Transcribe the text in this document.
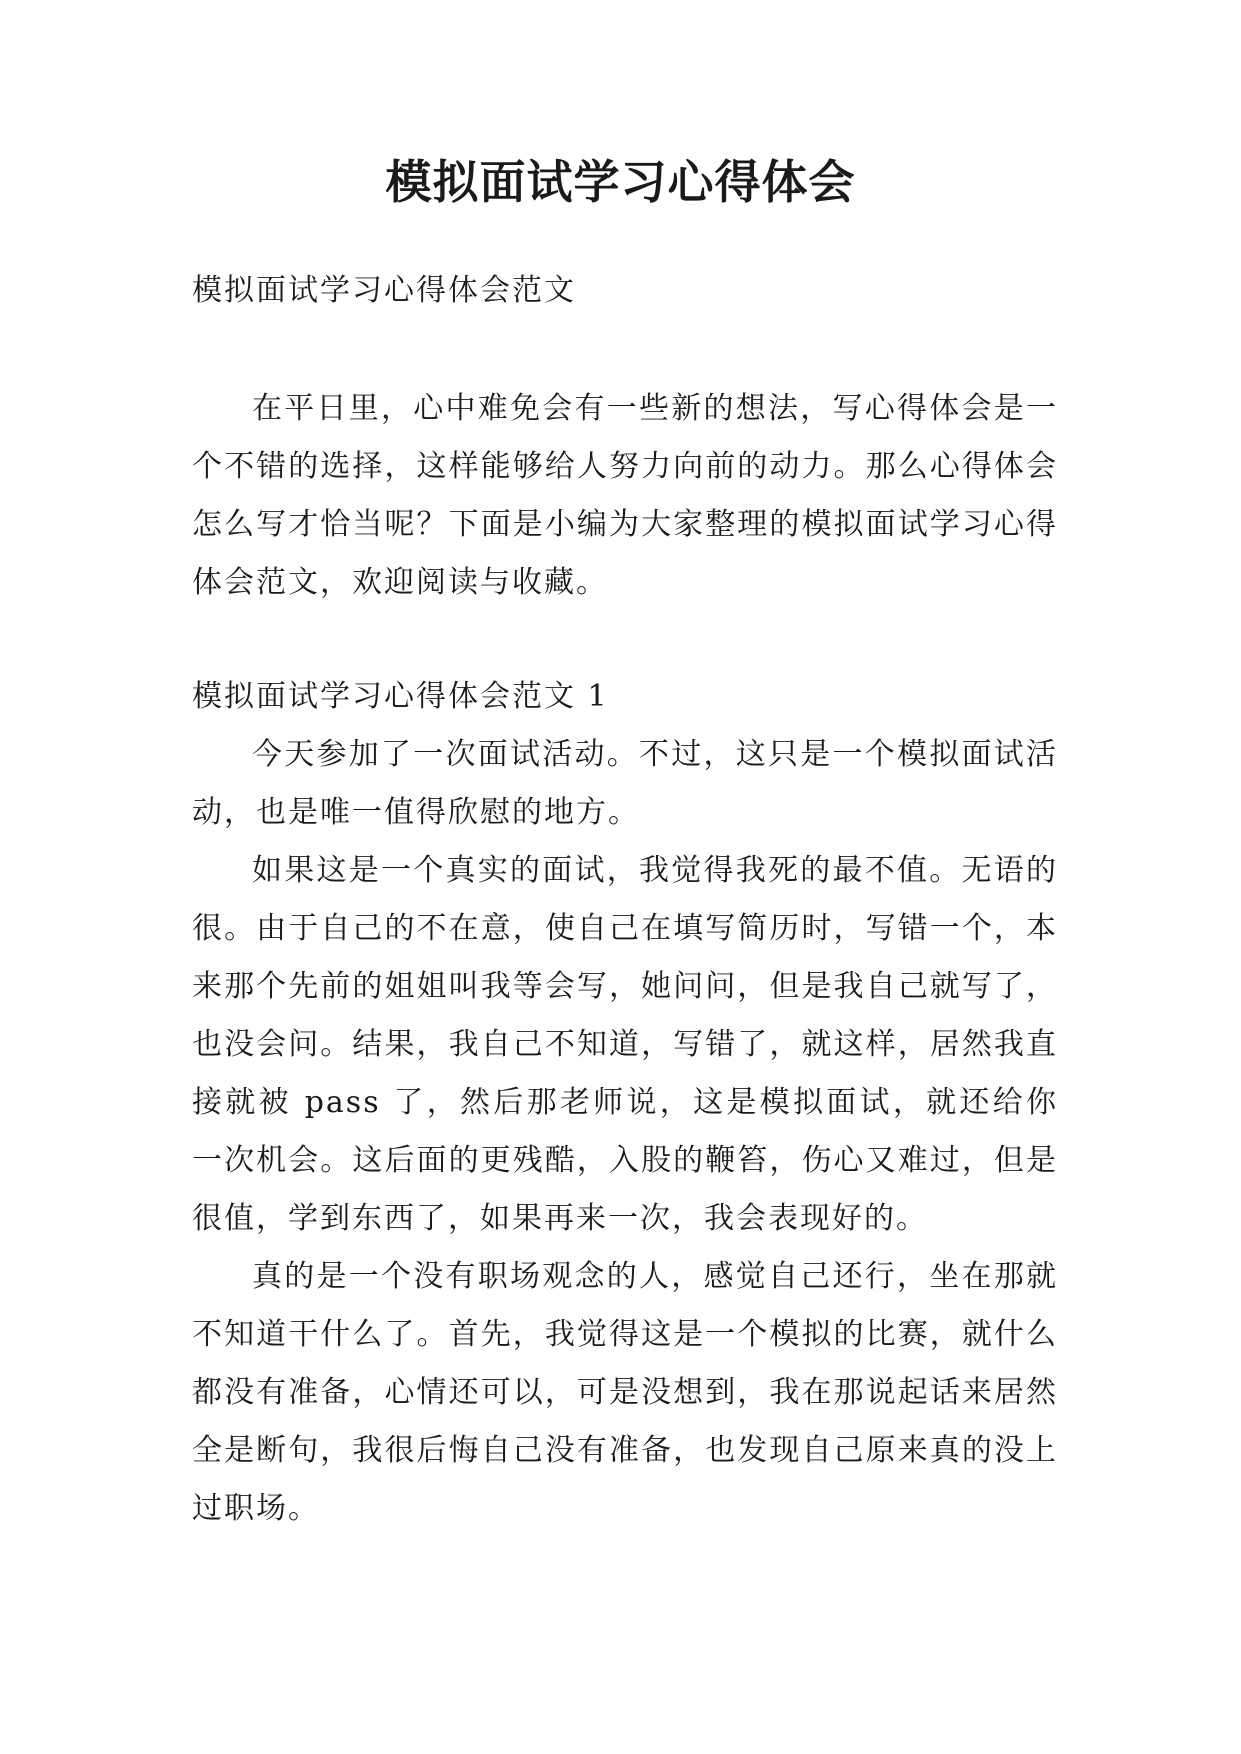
模拟面试学习心得体会
模拟面试学习心得体会范文

在平日里，心中难免会有一些新的想法，写心得体会是一个不错的选择，这样能够给人努力向前的动力。那么心得体会怎么写才恰当呢？下面是小编为大家整理的模拟面试学习心得体会范文，欢迎阅读与收藏。

模拟面试学习心得体会范文 1

今天参加了一次面试活动。不过，这只是一个模拟面试活动，也是唯一值得欣慰的地方。

如果这是一个真实的面试，我觉得我死的最不值。无语的很。由于自己的不在意，使自己在填写简历时，写错一个，本来那个先前的姐姐叫我等会写，她问问，但是我自己就写了，也没会问。结果，我自己不知道，写错了，就这样，居然我直接就被 pass 了，然后那老师说，这是模拟面试，就还给你一次机会。这后面的更残酷，入股的鞭笞，伤心又难过，但是很值，学到东西了，如果再来一次，我会表现好的。

真的是一个没有职场观念的人，感觉自己还行，坐在那就不知道干什么了。首先，我觉得这是一个模拟的比赛，就什么都没有准备，心情还可以，可是没想到，我在那说起话来居然全是断句，我很后悔自己没有准备，也发现自己原来真的没上过职场。
